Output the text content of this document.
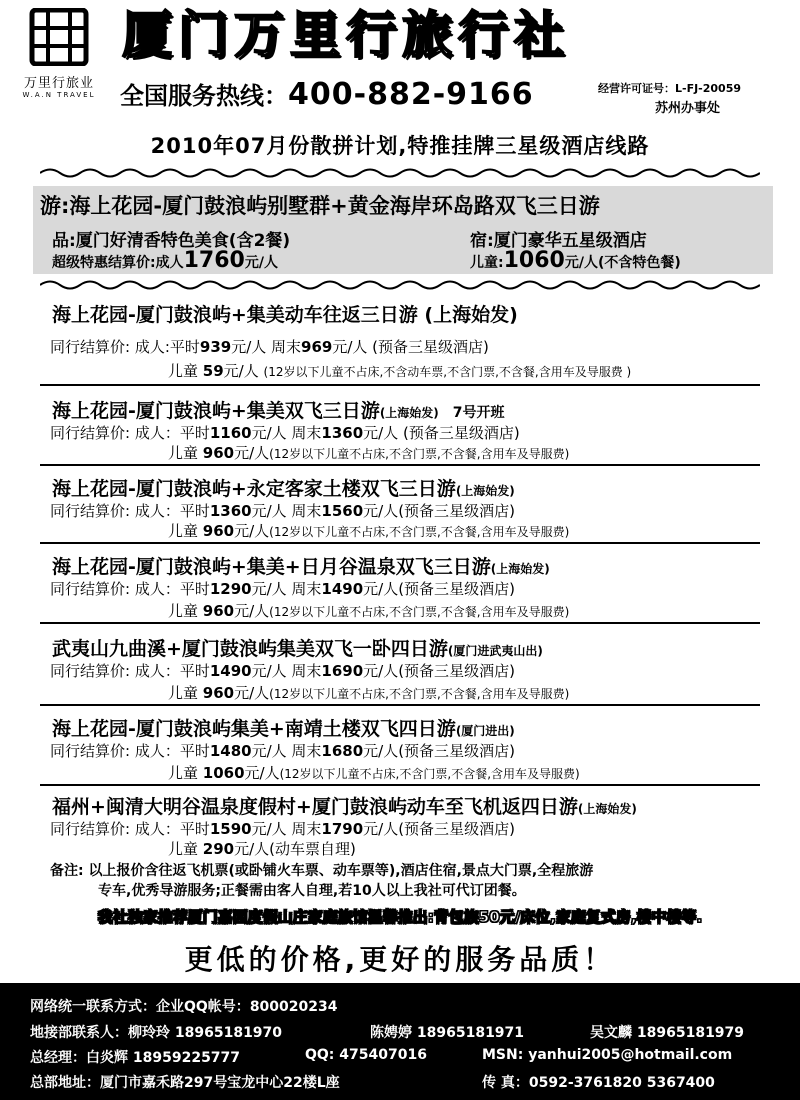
万里行旅业
W.A.N TRAVEL
厦门万里行旅行社
全国服务热线：400-882-9166	经营许可证号：L-FJ-20059
苏州办事处
2010年07月份散拼计划,特推挂牌三星级酒店线路
游:海上花园-厦门鼓浪屿别墅群+黄金海岸环岛路双飞三日游
品:厦门好清香特色美食(含2餐)	宿:厦门豪华五星级酒店
超级特惠结算价:成人1760元/人	儿童:1060元/人(不含特色餐)
海上花园-厦门鼓浪屿+集美动车往返三日游 (上海始发)
同行结算价: 成人:平时939元/人 周末969元/人 (预备三星级酒店)
儿童 59元/人 (12岁以下儿童不占床,不含动车票,不含门票,不含餐,含用车及导服费 )
海上花园-厦门鼓浪屿+集美双飞三日游(上海始发) 7号开班
同行结算价: 成人：平时1160元/人 周末1360元/人 (预备三星级酒店)
儿童 960元/人(12岁以下儿童不占床,不含门票,不含餐,含用车及导服费)
海上花园-厦门鼓浪屿+永定客家土楼双飞三日游(上海始发)
同行结算价: 成人：平时1360元/人 周末1560元/人(预备三星级酒店)
儿童 960元/人(12岁以下儿童不占床,不含门票,不含餐,含用车及导服费)
海上花园-厦门鼓浪屿+集美+日月谷温泉双飞三日游(上海始发)
同行结算价: 成人：平时1290元/人 周末1490元/人(预备三星级酒店)
儿童 960元/人(12岁以下儿童不占床,不含门票,不含餐,含用车及导服费)
武夷山九曲溪+厦门鼓浪屿集美双飞一卧四日游(厦门进武夷山出)
同行结算价: 成人：平时1490元/人 周末1690元/人(预备三星级酒店)
儿童 960元/人(12岁以下儿童不占床,不含门票,不含餐,含用车及导服费)
海上花园-厦门鼓浪屿集美+南靖土楼双飞四日游(厦门进出)
同行结算价: 成人：平时1480元/人 周末1680元/人(预备三星级酒店)
儿童 1060元/人(12岁以下儿童不占床,不含门票,不含餐,含用车及导服费)
福州+闽清大明谷温泉度假村+厦门鼓浪屿动车至飞机返四日游(上海始发)
同行结算价: 成人：平时1590元/人 周末1790元/人(预备三星级酒店)
儿童 290元/人(动车票自理)
备注: 以上报价含往返飞机票(或卧铺火车票、动车票等),酒店住宿,景点大门票,全程旅游
专车,优秀导游服务;正餐需由客人自理,若10人以上我社可代订团餐。
我社独家推荐厦门嘉园度假山庄家庭旅馆温馨推出:背包族50元/床位,家庭复式房,楼中楼等.
更低的价格,更好的服务品质！
网络统一联系方式：企业QQ帐号：800020234
地接部联系人：柳玲玲 18965181970	陈娉婷 18965181971	吴文麟 18965181979
总经理：白炎辉 18959225777	QQ: 475407016	MSN: yanhui2005@hotmail.com
总部地址：厦门市嘉禾路297号宝龙中心22楼L座	传 真：0592-3761820 5367400
